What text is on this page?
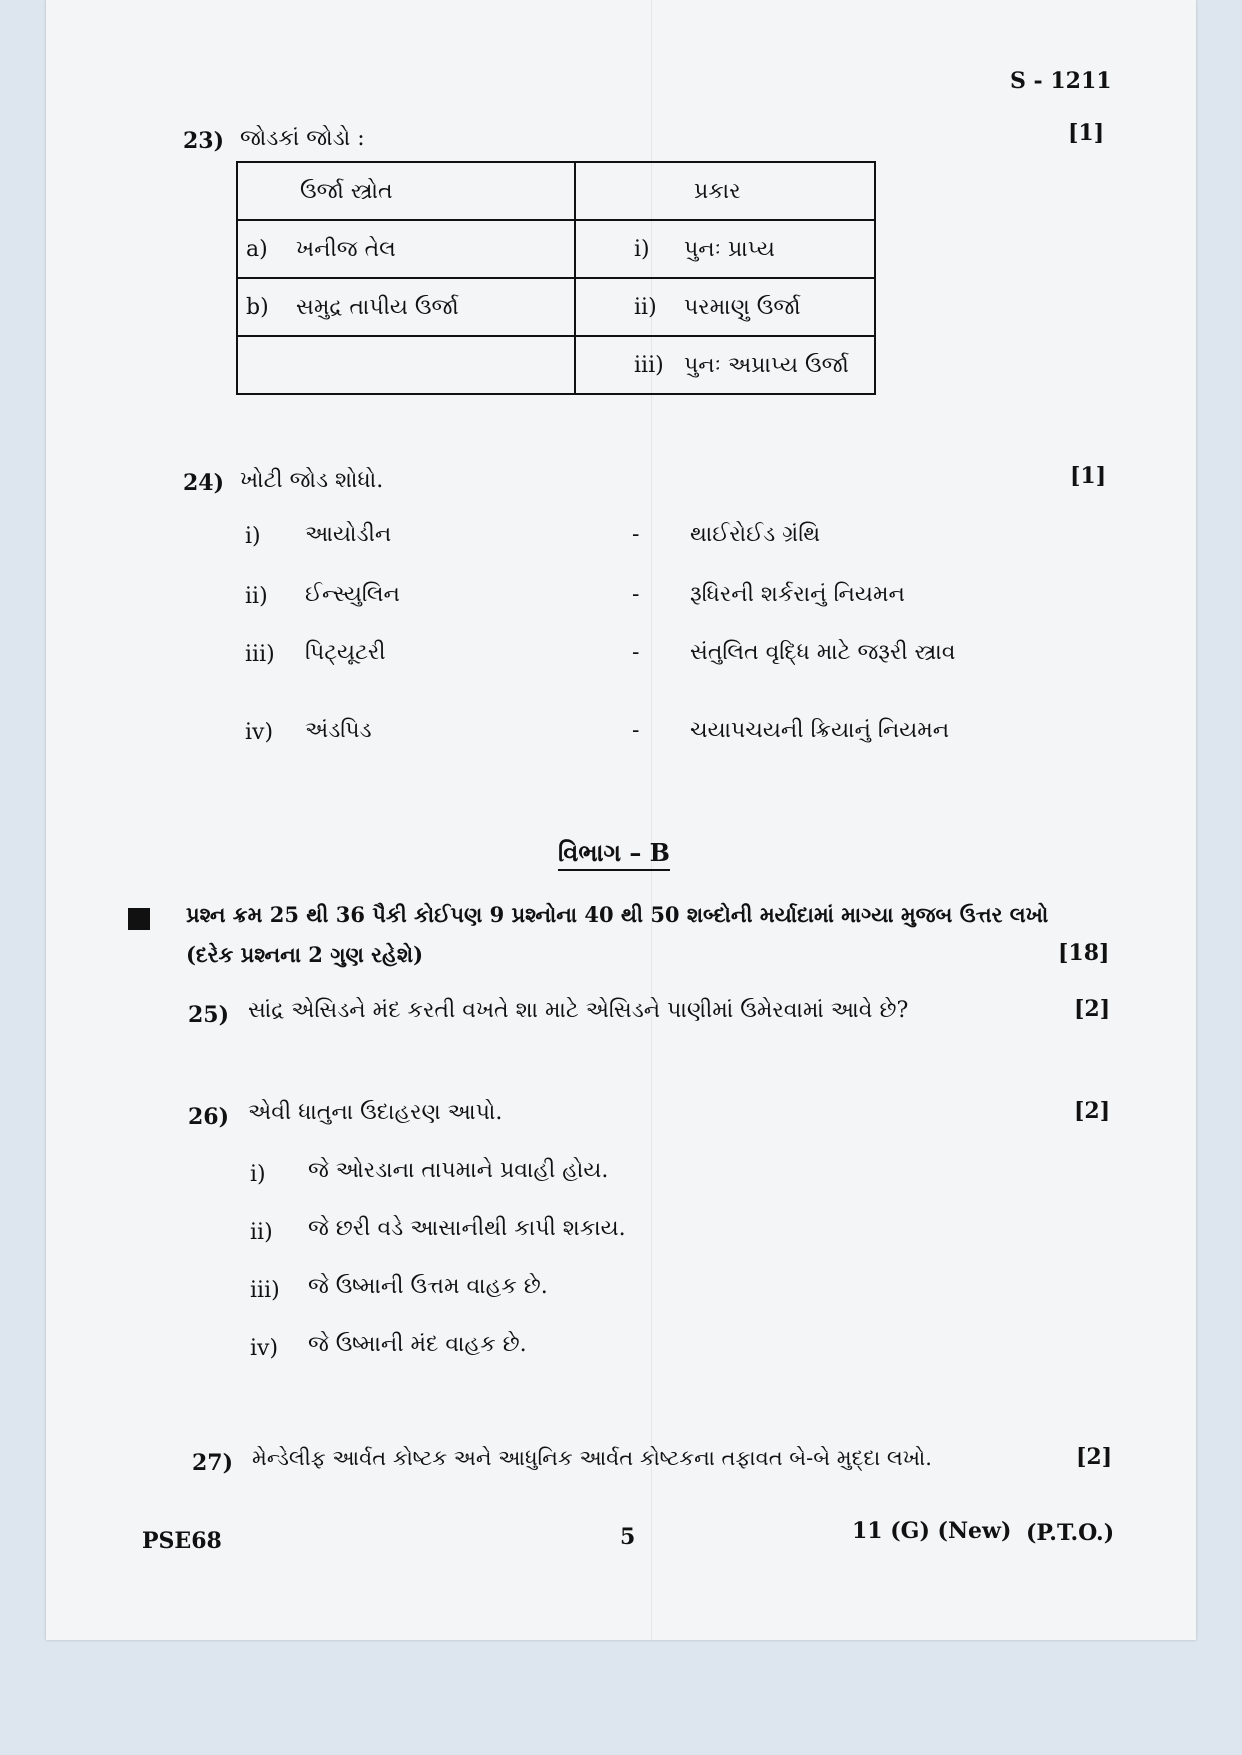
S - 1211
23) જોડકાં જોડો :	[1]
ઉર્જા સ્ત્રોત	પ્રકાર
a) ખનીજ તેલ	i) પુનઃ પ્રાપ્ય
b) સમુદ્ર તાપીય ઉર્જા	ii) પરમાણુ ઉર્જા
	iii) પુનઃ અપ્રાપ્ય ઉર્જા
24) ખોટી જોડ શોધો.	[1]
i) આયોડીન	- થાઈરોઈડ ગ્રંથિ
ii) ઈન્સ્યુલિન	- રૂધિરની શર્કરાનું નિયમન
iii) પિટ્યૂટરી	- સંતુલિત વૃદ્ધિ માટે જરૂરી સ્ત્રાવ
iv) અંડપિડ	- ચયાપચયની ક્રિયાનું નિયમન
વિભાગ – B
પ્રશ્ન ક્રમ 25 થી 36 પૈકી કોઈપણ 9 પ્રશ્નોના 40 થી 50 શબ્દોની મર્યાદામાં માગ્યા મુજબ ઉત્તર લખો
(દરેક પ્રશ્નના 2 ગુણ રહેશે)	[18]
25) સાંદ્ર એસિડને મંદ કરતી વખતે શા માટે એસિડને પાણીમાં ઉમેરવામાં આવે છે?	[2]
26) એવી ધાતુના ઉદાહરણ આપો.	[2]
i) જે ઓરડાના તાપમાને પ્રવાહી હોય.
ii) જે છરી વડે આસાનીથી કાપી શકાય.
iii) જે ઉષ્માની ઉત્તમ વાહક છે.
iv) જે ઉષ્માની મંદ વાહક છે.
27) મેન્ડેલીફ આર્વત કોષ્ટક અને આધુનિક આર્વત કોષ્ટકના તફાવત બે-બે મુદ્દા લખો.	[2]
PSE68	5	11 (G) (New) (P.T.O.)
